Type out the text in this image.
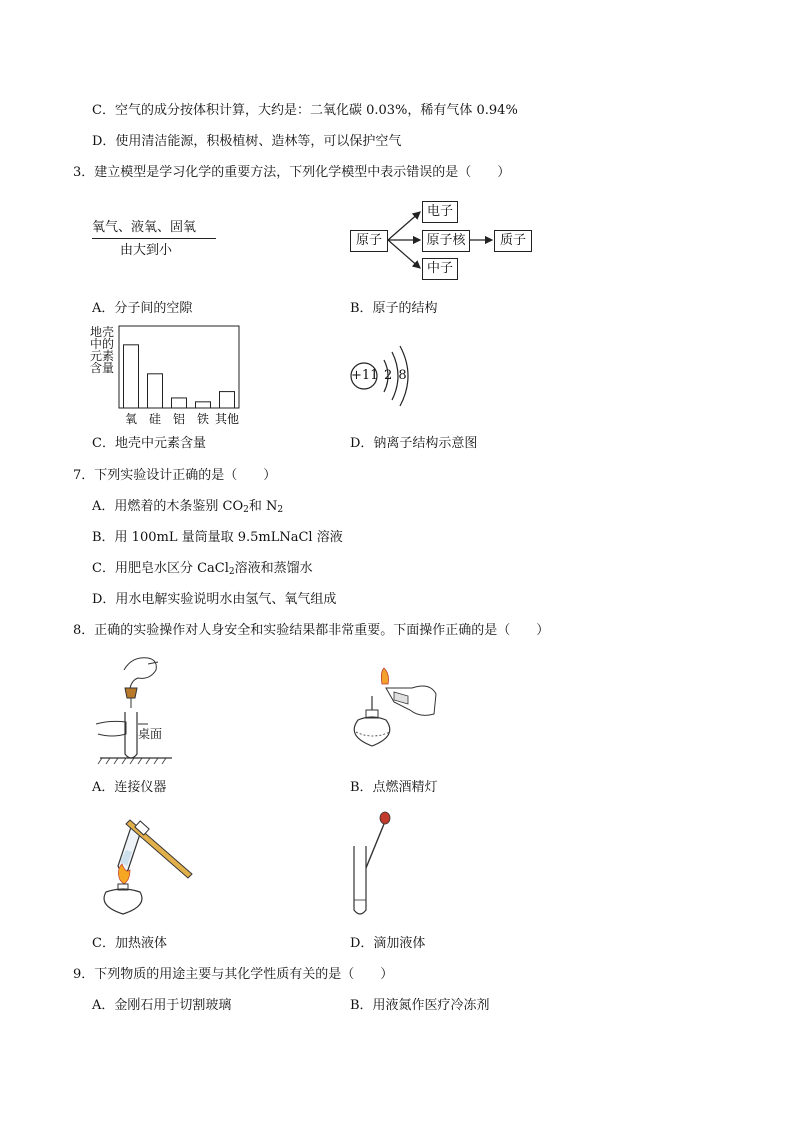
C．空气的成分按体积计算，大约是：二氧化碳 0.03%，稀有气体 0.94%
D．使用清洁能源，积极植树、造林等，可以保护空气
3．建立模型是学习化学的重要方法，下列化学模型中表示错误的是（　　）
氧气、液氧、固氧
由大到小
原子
电子
原子核	质子
中子
A．分子间的空隙	B．原子的结构
地壳
中的
元素
含量
氧 硅 铝 铁 其他
+11 2 8
C．地壳中元素含量	D．钠离子结构示意图
7．下列实验设计正确的是（　　）
A．用燃着的木条鉴别 $CO_2$和 $N_2$
B．用 100mL 量筒量取 9.5mLNaCl 溶液
C．用肥皂水区分 CaCl$_2$溶液和蒸馏水
D．用水电解实验说明水由氢气、氧气组成
8．正确的实验操作对人身安全和实验结果都非常重要。下面操作正确的是（　　）
桌面
A．连接仪器	B．点燃酒精灯
C．加热液体	D．滴加液体
9．下列物质的用途主要与其化学性质有关的是（　　）
A．金刚石用于切割玻璃	B．用液氮作医疗冷冻剂
